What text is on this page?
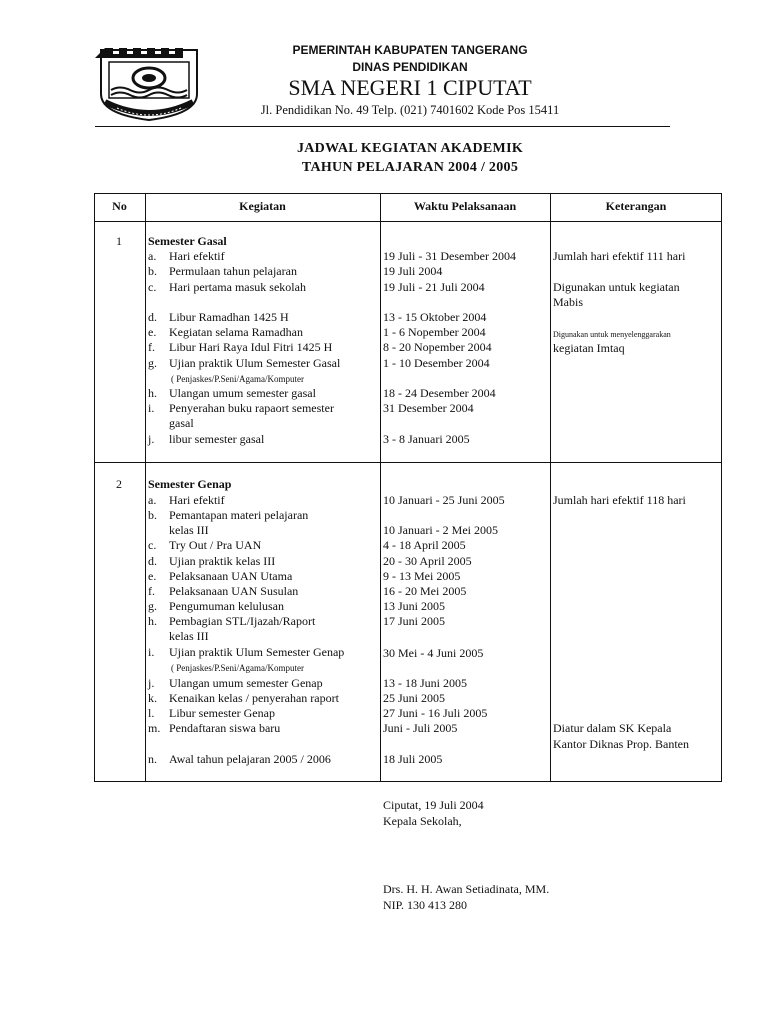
PEMERINTAH KABUPATEN TANGERANG
DINAS PENDIDIKAN
SMA NEGERI 1 CIPUTAT
Jl. Pendidikan No. 49 Telp. (021) 7401602 Kode Pos 15411
JADWAL KEGIATAN AKADEMIK
TAHUN PELAJARAN 2004 / 2005
No	Kegiatan	Waktu Pelaksanaan	Keterangan
1 Semester Gasal
a. Hari efektif	19 Juli - 31 Desember 2004	Jumlah hari efektif 111 hari
b. Permulaan tahun pelajaran	19 Juli 2004
c. Hari pertama masuk sekolah	19 Juli - 21 Juli 2004	Digunakan untuk kegiatan
Mabis
d. Libur Ramadhan 1425 H	13 - 15 Oktober 2004
e. Kegiatan selama Ramadhan	1 - 6 Nopember 2004	Digunakan untuk menyelenggarakan
f. Libur Hari Raya Idul Fitri 1425 H	8 - 20 Nopember 2004	kegiatan Imtaq
g. Ujian praktik Ulum Semester Gasal	1 - 10 Desember 2004
( Penjaskes/P.Seni/Agama/Komputer
h. Ulangan umum semester gasal	18 - 24 Desember 2004
i. Penyerahan buku rapaort semester	31 Desember 2004
gasal
j. libur semester gasal	3 - 8 Januari 2005
2 Semester Genap
a. Hari efektif	10 Januari - 25 Juni 2005	Jumlah hari efektif 118 hari
b. Pemantapan materi pelajaran
kelas III	10 Januari - 2 Mei 2005
c. Try Out / Pra UAN	4 - 18 April 2005
d. Ujian praktik kelas III	20 - 30 April 2005
e. Pelaksanaan UAN Utama	9 - 13 Mei 2005
f. Pelaksanaan UAN Susulan	16 - 20 Mei 2005
g. Pengumuman kelulusan	13 Juni 2005
h. Pembagian STL/Ijazah/Raport	17 Juni 2005
kelas III
i. Ujian praktik Ulum Semester Genap	30 Mei - 4 Juni 2005
( Penjaskes/P.Seni/Agama/Komputer
j. Ulangan umum semester Genap	13 - 18 Juni 2005
k. Kenaikan kelas / penyerahan raport	25 Juni 2005
l. Libur semester Genap	27 Juni - 16 Juli 2005
m. Pendaftaran siswa baru	Juni - Juli 2005	Diatur dalam SK Kepala
Kantor Diknas Prop. Banten
n. Awal tahun pelajaran 2005 / 2006	18 Juli 2005
Ciputat, 19 Juli 2004
Kepala Sekolah,
Drs. H. H. Awan Setiadinata, MM.
NIP. 130 413 280
